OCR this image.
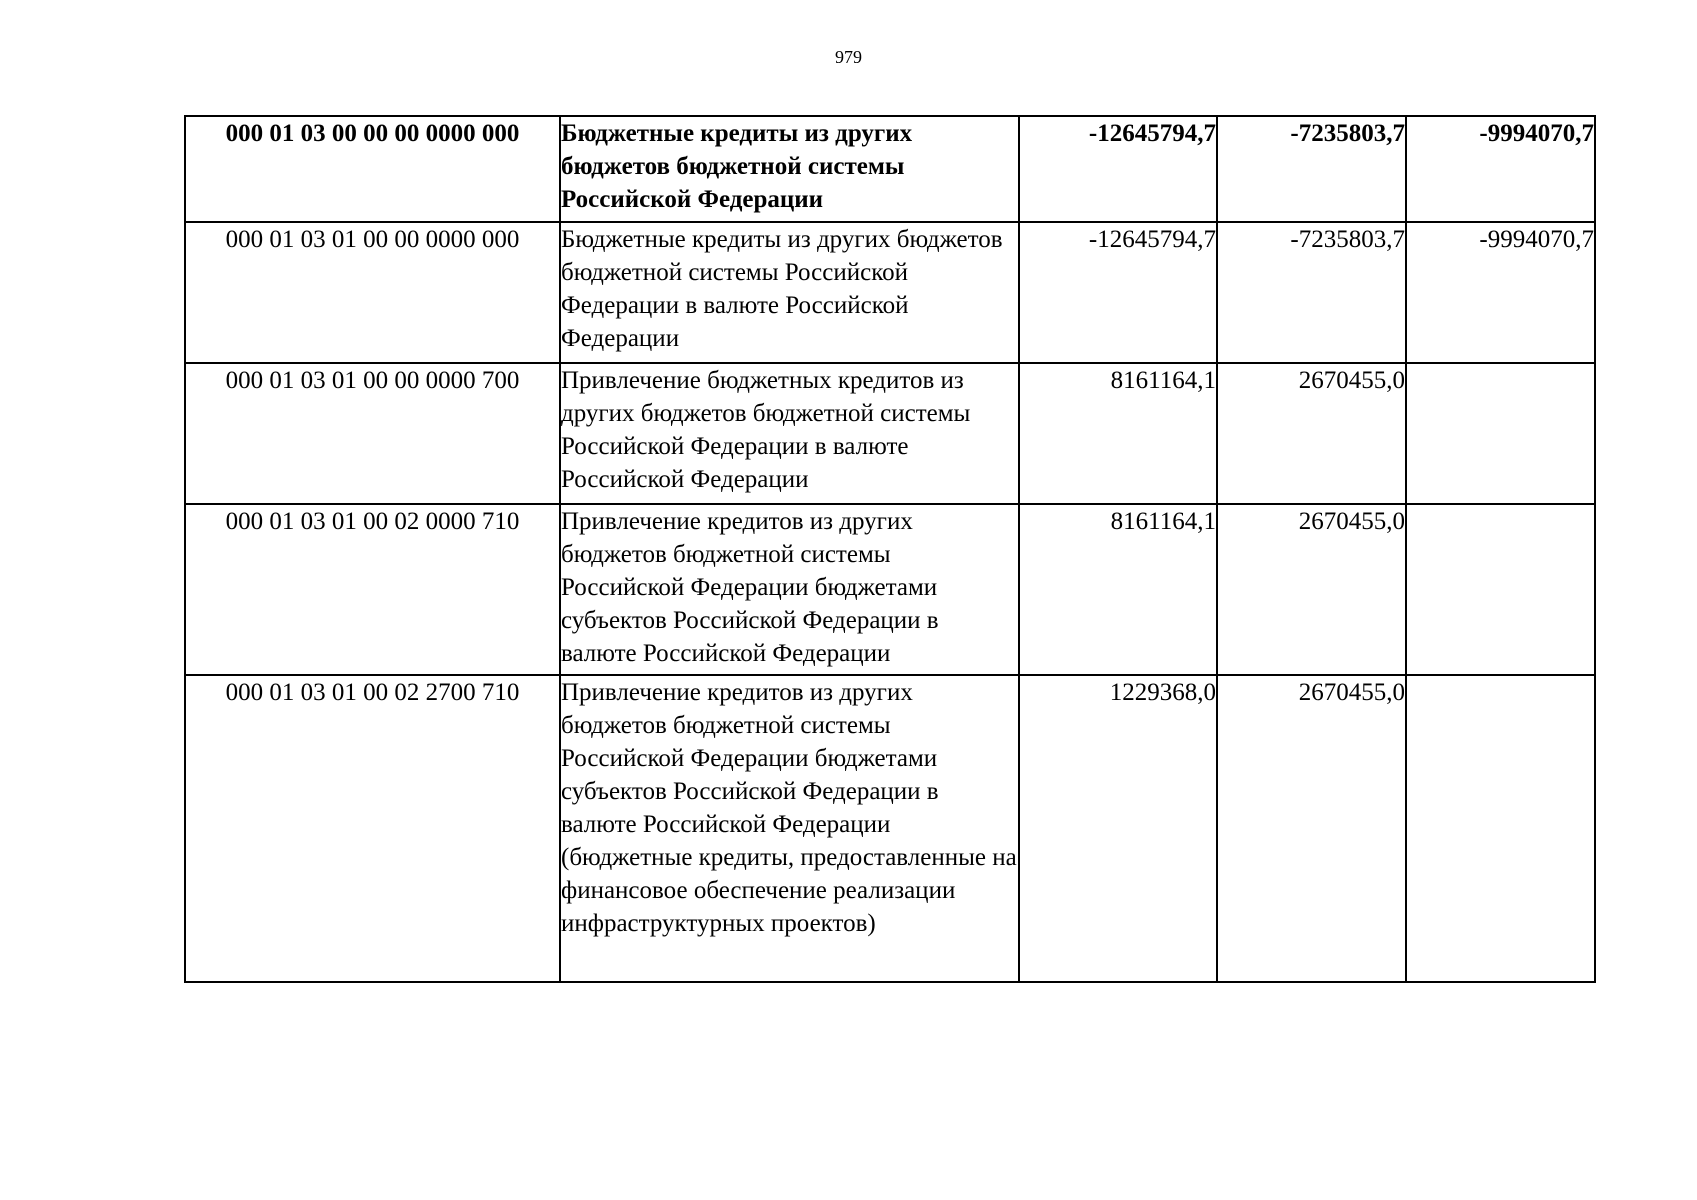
979
000 01 03 00 00 00 0000 000	Бюджетные кредиты из других бюджетов бюджетной системы Российской Федерации	-12645794,7	-7235803,7	-9994070,7
000 01 03 01 00 00 0000 000	Бюджетные кредиты из других бюджетов бюджетной системы Российской Федерации в валюте Российской Федерации	-12645794,7	-7235803,7	-9994070,7
000 01 03 01 00 00 0000 700	Привлечение бюджетных кредитов из других бюджетов бюджетной системы Российской Федерации в валюте Российской Федерации	8161164,1	2670455,0	
000 01 03 01 00 02 0000 710	Привлечение кредитов из других бюджетов бюджетной системы Российской Федерации бюджетами субъектов Российской Федерации в валюте Российской Федерации	8161164,1	2670455,0	
000 01 03 01 00 02 2700 710	Привлечение кредитов из других бюджетов бюджетной системы Российской Федерации бюджетами субъектов Российской Федерации в валюте Российской Федерации (бюджетные кредиты, предоставленные на финансовое обеспечение реализации инфраструктурных проектов)	1229368,0	2670455,0	
